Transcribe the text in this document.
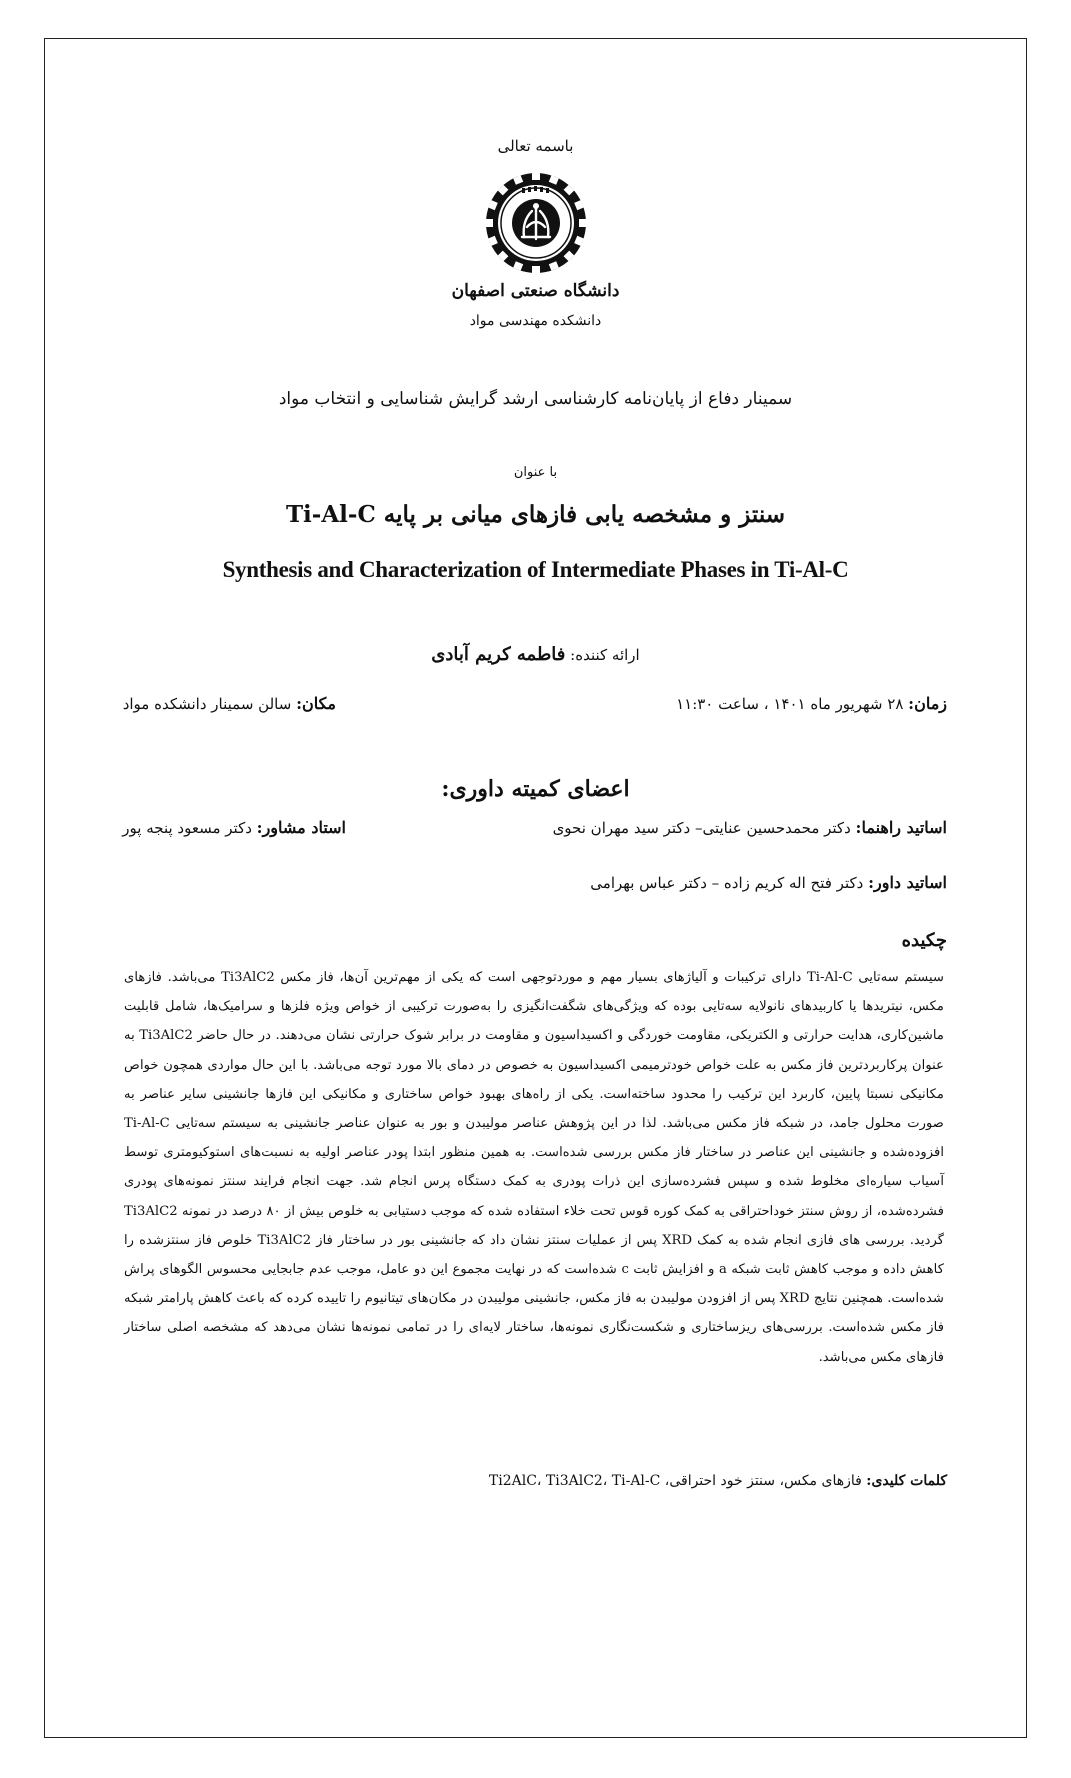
باسمه تعالی
دانشگاه صنعتی اصفهان
دانشکده مهندسی مواد
سمینار دفاع از پایان‌نامه کارشناسی ارشد گرایش شناسایی و انتخاب مواد
با عنوان
سنتز و مشخصه یابی فازهای میانی بر پایه Ti-Al-C
Synthesis and Characterization of Intermediate Phases in Ti-Al-C
ارائه کننده: فاطمه کریم آبادی
زمان: ۲۸ شهریور ماه ۱۴۰۱ ، ساعت ۱۱:۳۰
مکان: سالن سمینار دانشکده مواد
اعضای کمیته داوری:
اساتید راهنما: دکتر محمدحسین عنایتی– دکتر سید مهران نحوی
استاد مشاور: دکتر مسعود پنجه پور
اساتید داور: دکتر فتح اله کریم زاده – دکتر عباس بهرامی
چکیده

سیستم سه‌تایی Ti-Al-C دارای ترکیبات و آلیاژهای بسیار مهم و موردتوجهی است که یکی از مهم‌ترین آن‌ها، فاز مکس Ti3AlC2 می‌باشد. فازهای مکس، نیتریدها یا کاربیدهای نانولایه سه‌تایی بوده که ویژگی‌های شگفت‌انگیزی را به‌صورت ترکیبی از خواص ویژه فلزها و سرامیک‌ها، شامل قابلیت ماشین‌کاری، هدایت حرارتی و الکتریکی، مقاومت خوردگی و اکسیداسیون و مقاومت در برابر شوک حرارتی نشان می‌دهند. در حال حاضر Ti3AlC2 به عنوان پرکاربردترین فاز مکس به علت خواص خودترمیمی اکسیداسیون به خصوص در دمای بالا مورد توجه می‌باشد. با این حال مواردی همچون خواص مکانیکی نسبتا پایین، کاربرد این ترکیب را محدود ساخته‌است. یکی از راه‌های بهبود خواص ساختاری و مکانیکی این فازها جانشینی سایر عناصر به صورت محلول جامد، در شبکه فاز مکس می‌باشد. لذا در این پژوهش عناصر مولیبدن و بور به عنوان عناصر جانشینی به سیستم سه‌تایی Ti-Al-C افزوده‌شده و جانشینی این عناصر در ساختار فاز مکس بررسی شده‌است. به همین منظور ابتدا پودر عناصر اولیه به نسبت‌های استوکیومتری توسط آسیاب سیاره‌ای مخلوط شده و سپس فشرده‌سازی این ذرات پودری به کمک دستگاه پرس انجام شد. جهت انجام فرایند سنتز نمونه‌های پودری فشرده‌شده، از روش سنتز خوداحتراقی به کمک کوره قوس تحت خلاء استفاده شده که موجب دستیابی به خلوص بیش از ۸۰ درصد در نمونه Ti3AlC2 گردید. بررسی های فازی انجام شده به کمک XRD پس از عملیات سنتز نشان داد که جانشینی بور در ساختار فاز Ti3AlC2 خلوص فاز سنتزشده را کاهش داده و موجب کاهش ثابت شبکه a و افزایش ثابت c شده‌است که در نهایت مجموع این دو عامل، موجب عدم جابجایی محسوس الگوهای پراش شده‌است. همچنین نتایج XRD پس از افزودن مولیبدن به فاز مکس، جانشینی مولیبدن در مکان‌های تیتانیوم را تاییده کرده که باعث کاهش پارامتر شبکه فاز مکس شده‌است. بررسی‌های ریزساختاری و شکست‌نگاری نمونه‌ها، ساختار لایه‌ای را در تمامی نمونه‌ها نشان می‌دهد که مشخصه اصلی ساختار فازهای مکس می‌باشد.

کلمات کلیدی: فازهای مکس، سنتز خود احتراقی، Ti2AlC، Ti3AlC2، Ti-Al-C
